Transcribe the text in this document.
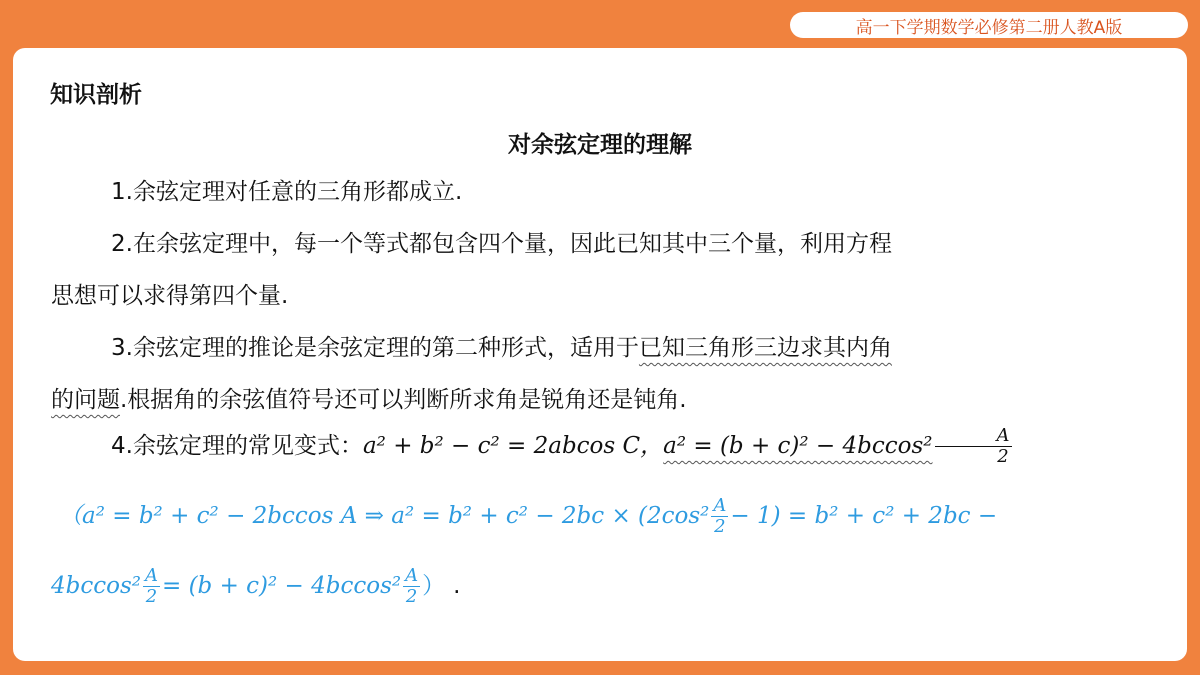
高一下学期数学必修第二册人教A版
知识剖析
对余弦定理的理解
1.余弦定理对任意的三角形都成立.
2.在余弦定理中，每一个等式都包含四个量，因此已知其中三个量，利用方程
思想可以求得第四个量.
3.余弦定理的推论是余弦定理的第二种形式，适用于已知三角形三边求其内角
的问题.根据角的余弦值符号还可以判断所求角是锐角还是钝角.
4.余弦定理的常见变式：a² + b² − c² = 2abcos C，$a^2 = (b + c)^2 - 4bccos^2 \frac{A}{2}$
（a² = b² + c² − 2bccos A ⇒ $a^2 = b^2 + c^2 - 2bc \times (2\cos^2 \frac{A}{2} - 1) = b^2 + c^2 + 2bc$ −
$4bccos^2 \frac{A}{2} = (b + c)^2 - 4bccos^2 \frac{A}{2}$ ） .
